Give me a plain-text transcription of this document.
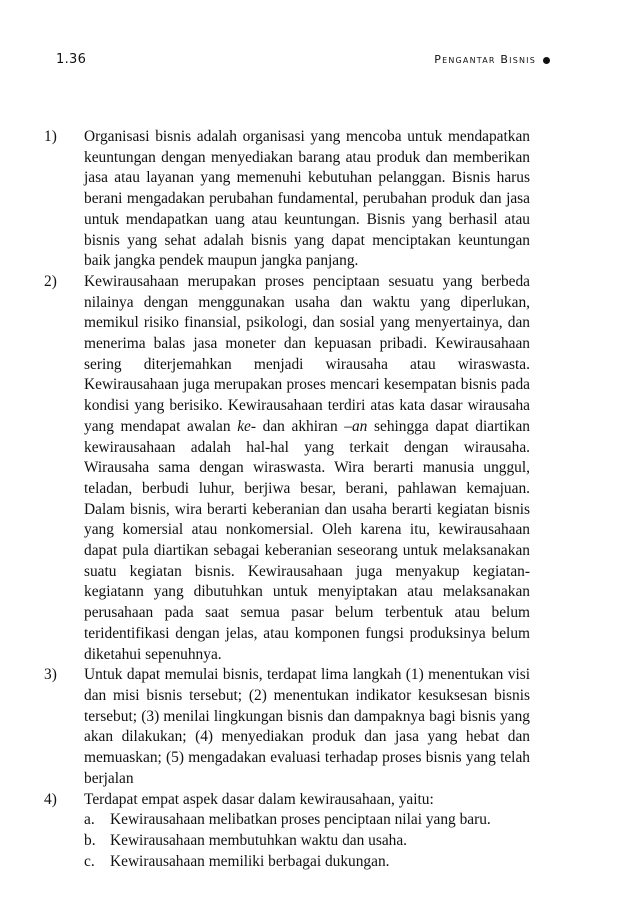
1.36	Pengantar Bisnis
1) Organisasi bisnis adalah organisasi yang mencoba untuk mendapatkan keuntungan dengan menyediakan barang atau produk dan memberikan jasa atau layanan yang memenuhi kebutuhan pelanggan. Bisnis harus berani mengadakan perubahan fundamental, perubahan produk dan jasa untuk mendapatkan uang atau keuntungan. Bisnis yang berhasil atau bisnis yang sehat adalah bisnis yang dapat menciptakan keuntungan baik jangka pendek maupun jangka panjang.
2) Kewirausahaan merupakan proses penciptaan sesuatu yang berbeda nilainya dengan menggunakan usaha dan waktu yang diperlukan, memikul risiko finansial, psikologi, dan sosial yang menyertainya, dan menerima balas jasa moneter dan kepuasan pribadi. Kewirausahaan sering diterjemahkan menjadi wirausaha atau wiraswasta. Kewirausahaan juga merupakan proses mencari kesempatan bisnis pada kondisi yang berisiko. Kewirausahaan terdiri atas kata dasar wirausaha yang mendapat awalan ke- dan akhiran –an sehingga dapat diartikan kewirausahaan adalah hal-hal yang terkait dengan wirausaha. Wirausaha sama dengan wiraswasta. Wira berarti manusia unggul, teladan, berbudi luhur, berjiwa besar, berani, pahlawan kemajuan. Dalam bisnis, wira berarti keberanian dan usaha berarti kegiatan bisnis yang komersial atau nonkomersial. Oleh karena itu, kewirausahaan dapat pula diartikan sebagai keberanian seseorang untuk melaksanakan suatu kegiatan bisnis. Kewirausahaan juga menyakup kegiatan-kegiatann yang dibutuhkan untuk menyiptakan atau melaksanakan perusahaan pada saat semua pasar belum terbentuk atau belum teridentifikasi dengan jelas, atau komponen fungsi produksinya belum diketahui sepenuhnya.
3) Untuk dapat memulai bisnis, terdapat lima langkah (1) menentukan visi dan misi bisnis tersebut; (2) menentukan indikator kesuksesan bisnis tersebut; (3) menilai lingkungan bisnis dan dampaknya bagi bisnis yang akan dilakukan; (4) menyediakan produk dan jasa yang hebat dan memuaskan; (5) mengadakan evaluasi terhadap proses bisnis yang telah berjalan
4) Terdapat empat aspek dasar dalam kewirausahaan, yaitu:
a. Kewirausahaan melibatkan proses penciptaan nilai yang baru.
b. Kewirausahaan membutuhkan waktu dan usaha.
c. Kewirausahaan memiliki berbagai dukungan.
